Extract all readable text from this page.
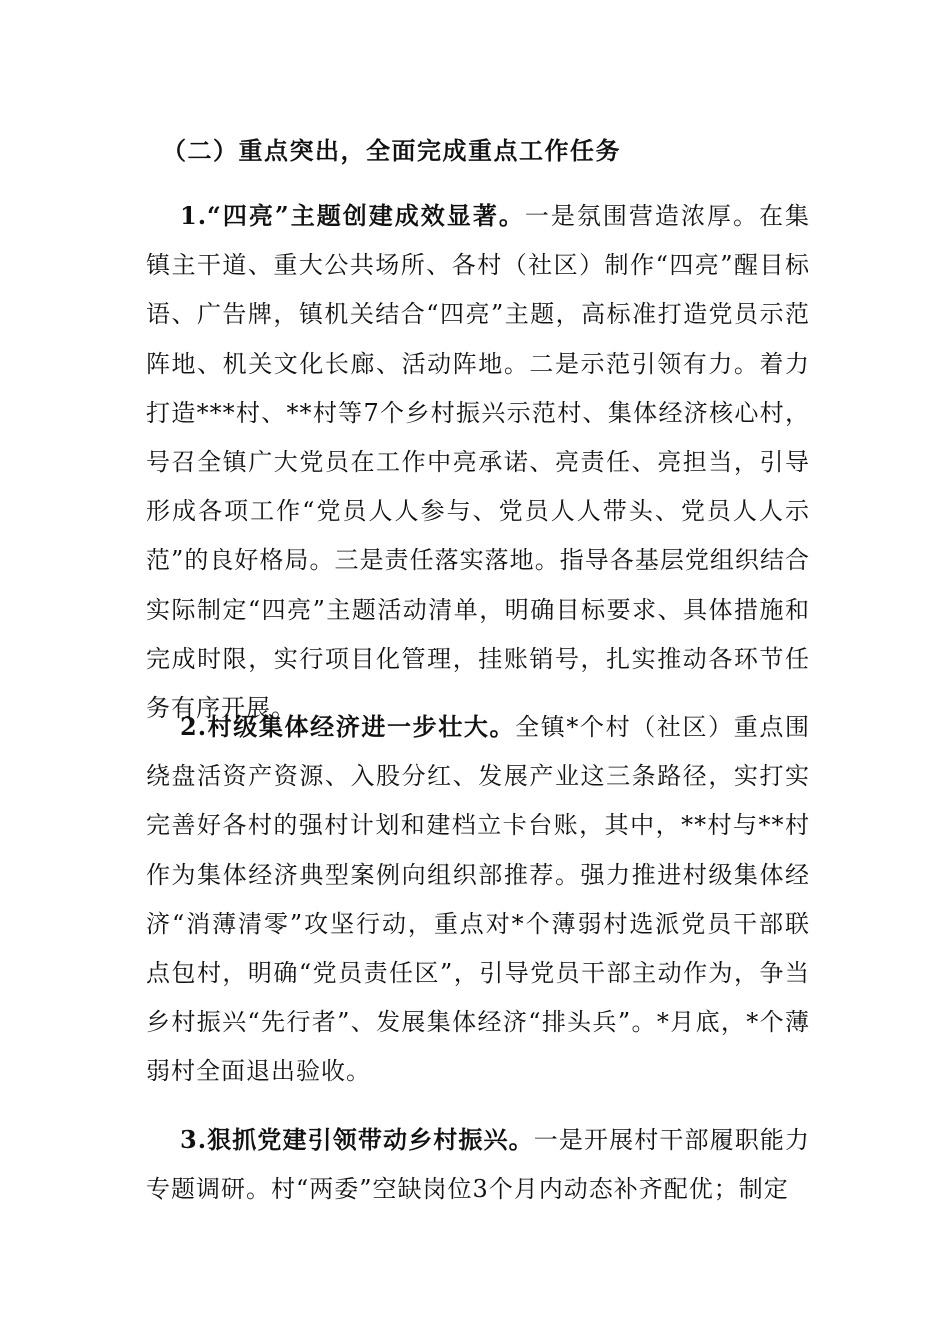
（二）重点突出，全面完成重点工作任务

1.“四亮”主题创建成效显著。一是氛围营造浓厚。在集镇主干道、重大公共场所、各村（社区）制作“四亮”醒目标语、广告牌，镇机关结合“四亮”主题，高标准打造党员示范阵地、机关文化长廊、活动阵地。二是示范引领有力。着力打造***村、**村等7个乡村振兴示范村、集体经济核心村，号召全镇广大党员在工作中亮承诺、亮责任、亮担当，引导形成各项工作“党员人人参与、党员人人带头、党员人人示范”的良好格局。三是责任落实落地。指导各基层党组织结合实际制定“四亮”主题活动清单，明确目标要求、具体措施和完成时限，实行项目化管理，挂账销号，扎实推动各环节任务有序开展。

2.村级集体经济进一步壮大。全镇*个村（社区）重点围绕盘活资产资源、入股分红、发展产业这三条路径，实打实完善好各村的强村计划和建档立卡台账，其中，**村与**村作为集体经济典型案例向组织部推荐。强力推进村级集体经济“消薄清零”攻坚行动，重点对*个薄弱村选派党员干部联点包村，明确“党员责任区”，引导党员干部主动作为，争当乡村振兴“先行者”、发展集体经济“排头兵”。*月底，*个薄弱村全面退出验收。

3.狠抓党建引领带动乡村振兴。一是开展村干部履职能力专题调研。村“两委”空缺岗位3个月内动态补齐配优；制定
